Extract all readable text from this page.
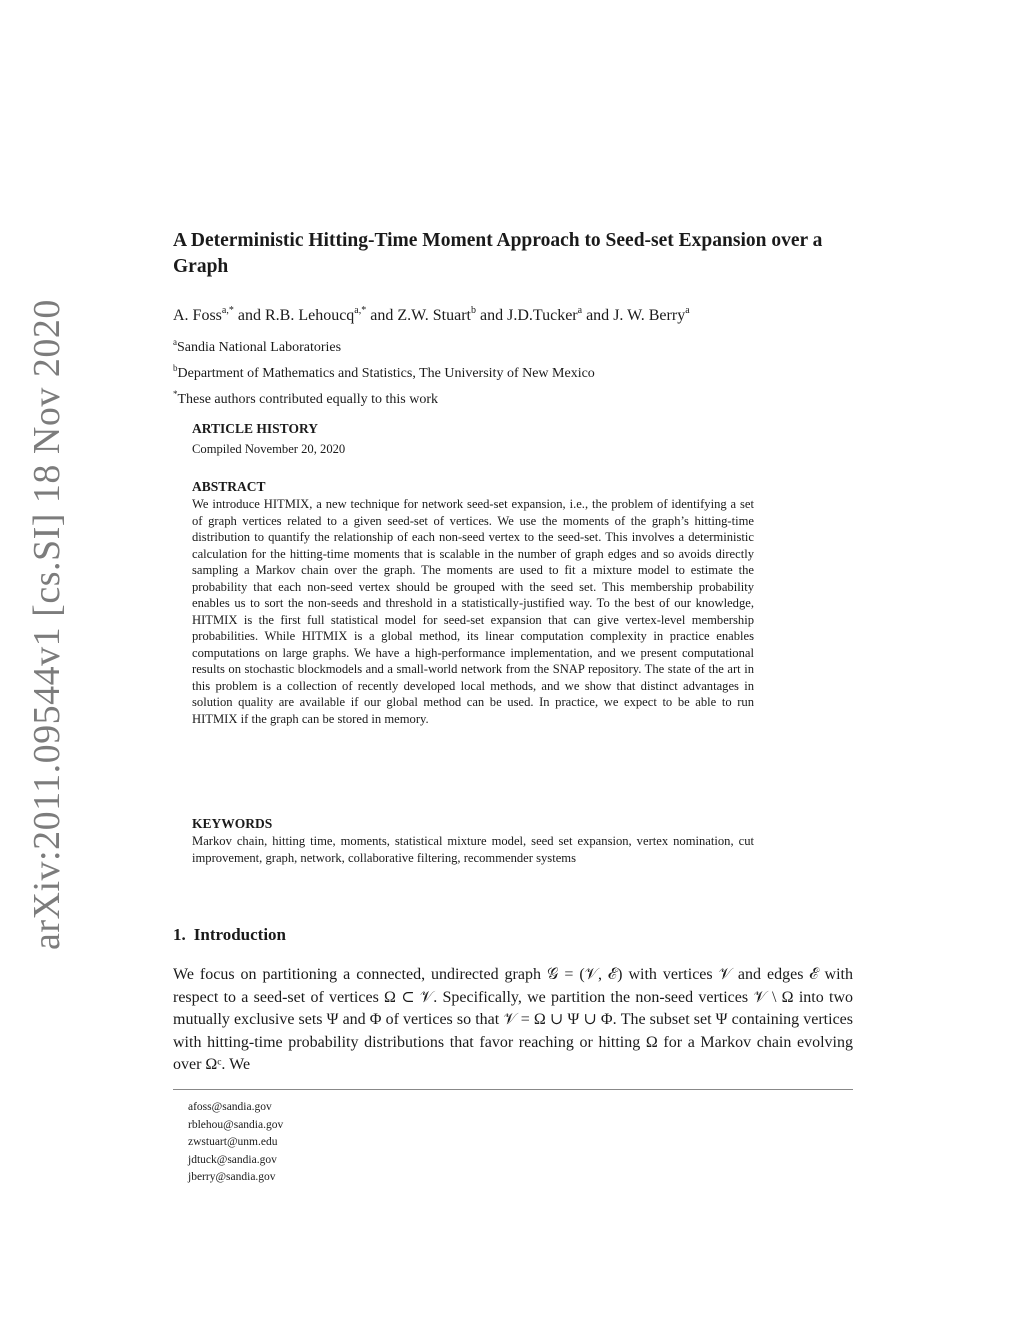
arXiv:2011.09544v1 [cs.SI] 18 Nov 2020
A Deterministic Hitting-Time Moment Approach to Seed-set Expansion over a Graph
A. Foss$^{a,*}$ and R.B. Lehoucq$^{a,*}$ and Z.W. Stuart$^b$ and J.D.Tucker$^a$ and J. W. Berry$^a$
$^a$Sandia National Laboratories
$^b$Department of Mathematics and Statistics, The University of New Mexico
*These authors contributed equally to this work
ARTICLE HISTORY
Compiled November 20, 2020
ABSTRACT

We introduce HITMIX, a new technique for network seed-set expansion, i.e., the problem of identifying a set of graph vertices related to a given seed-set of vertices. We use the moments of the graph’s hitting-time distribution to quantify the relationship of each non-seed vertex to the seed-set. This involves a deterministic calculation for the hitting-time moments that is scalable in the number of graph edges and so avoids directly sampling a Markov chain over the graph. The moments are used to fit a mixture model to estimate the probability that each non-seed vertex should be grouped with the seed set. This membership probability enables us to sort the non-seeds and threshold in a statistically-justified way. To the best of our knowledge, HITMIX is the first full statistical model for seed-set expansion that can give vertex-level membership probabilities. While HITMIX is a global method, its linear computation complexity in practice enables computations on large graphs. We have a high-performance implementation, and we present computational results on stochastic blockmodels and a small-world network from the SNAP repository. The state of the art in this problem is a collection of recently developed local methods, and we show that distinct advantages in solution quality are available if our global method can be used. In practice, we expect to be able to run HITMIX if the graph can be stored in memory.

KEYWORDS

Markov chain, hitting time, moments, statistical mixture model, seed set expansion, vertex nomination, cut improvement, graph, network, collaborative filtering, recommender systems

1. Introduction

We focus on partitioning a connected, undirected graph 𝒢 = (𝒱, ℰ) with vertices 𝒱 and edges ℰ with respect to a seed-set of vertices Ω ⊂ 𝒱. Specifically, we partition the non-seed vertices 𝒱 \ Ω into two mutually exclusive sets Ψ and Φ of vertices so that 𝒱 = Ω ∪ Ψ ∪ Φ. The subset set Ψ containing vertices with hitting-time probability distributions that favor reaching or hitting Ω for a Markov chain evolving over Ωᶜ. We

afoss@sandia.gov
rblehou@sandia.gov
zwstuart@unm.edu
jdtuck@sandia.gov
jberry@sandia.gov
